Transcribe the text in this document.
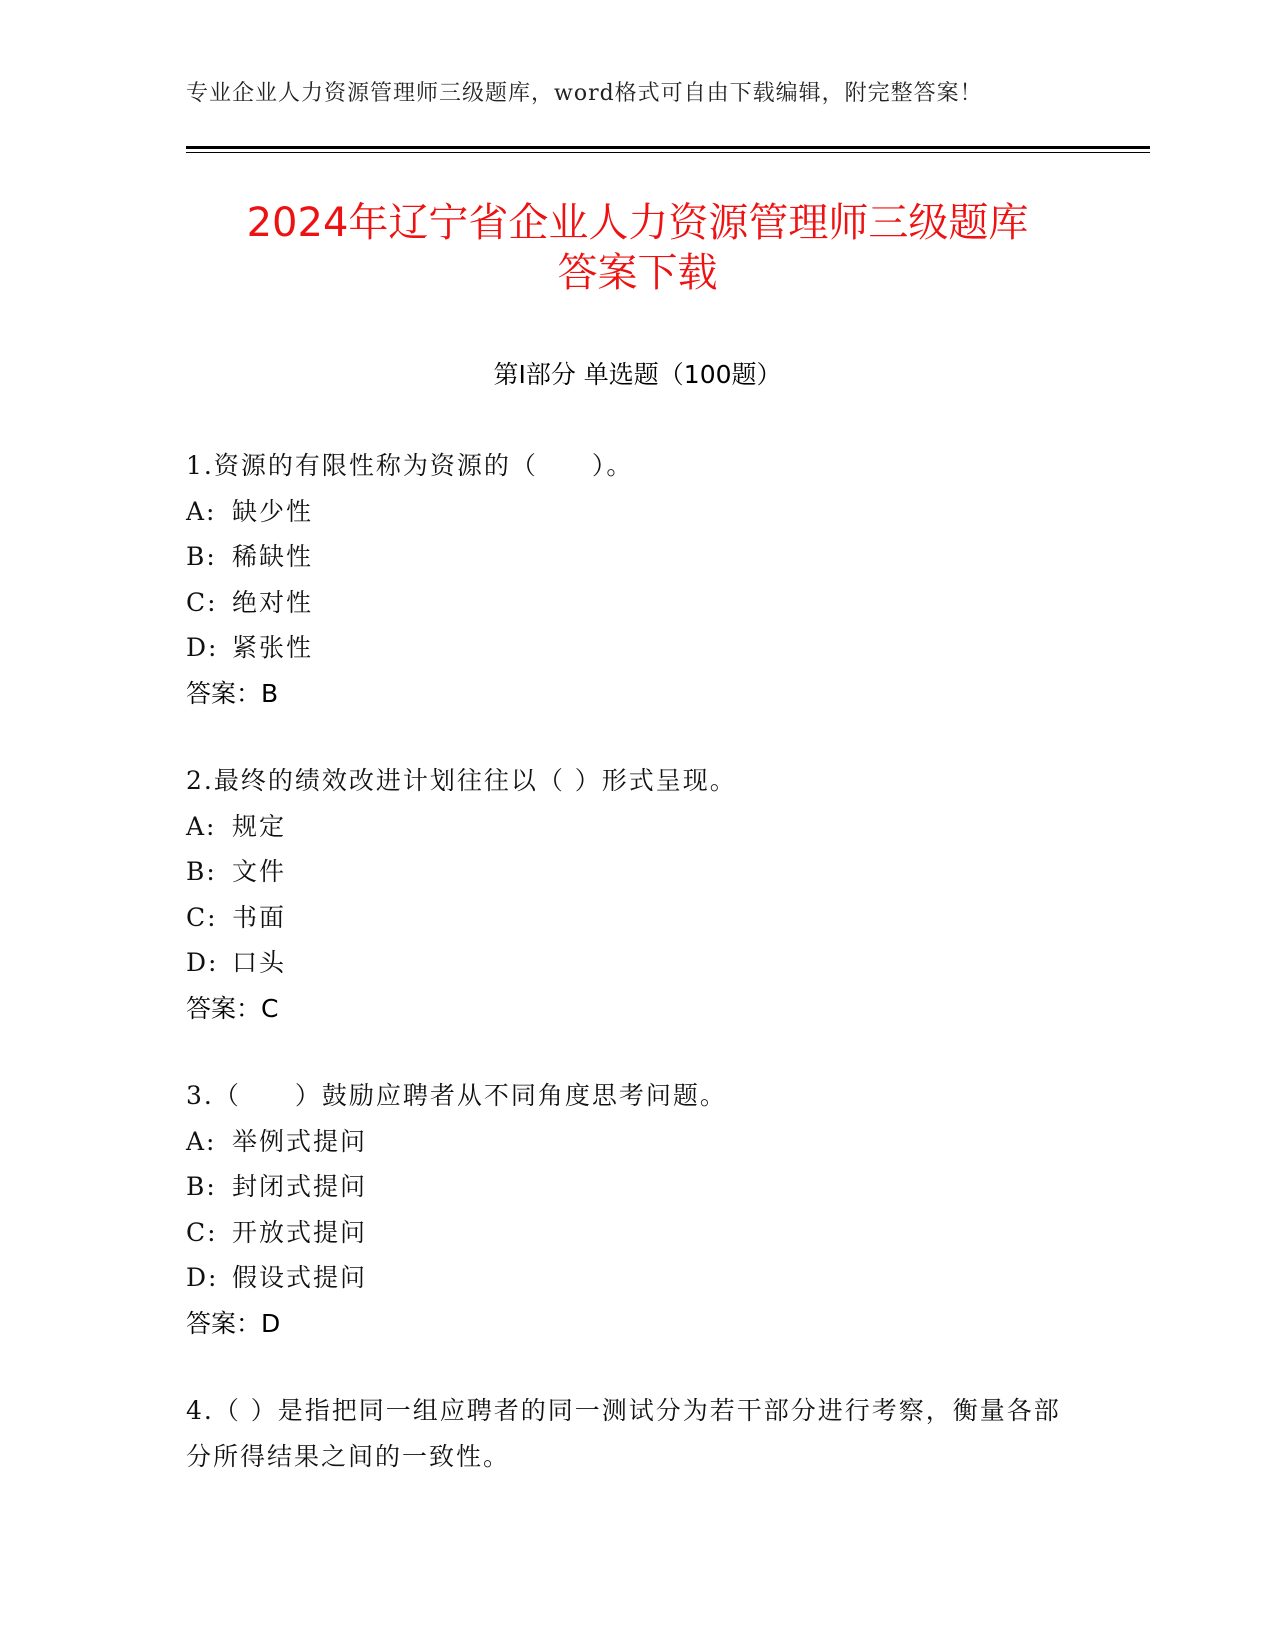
专业企业人力资源管理师三级题库，word格式可自由下载编辑，附完整答案！
2024年辽宁省企业人力资源管理师三级题库
答案下载
第Ⅰ部分 单选题（100题）
1.资源的有限性称为资源的（　　）。
A: 缺少性
B: 稀缺性
C: 绝对性
D: 紧张性
答案：B
2.最终的绩效改进计划往往以（ ）形式呈现。
A: 规定
B: 文件
C: 书面
D: 口头
答案：C
3.（　　）鼓励应聘者从不同角度思考问题。
A: 举例式提问
B: 封闭式提问
C: 开放式提问
D: 假设式提问
答案：D
4.（ ）是指把同一组应聘者的同一测试分为若干部分进行考察，衡量各部分所得结果之间的一致性。
